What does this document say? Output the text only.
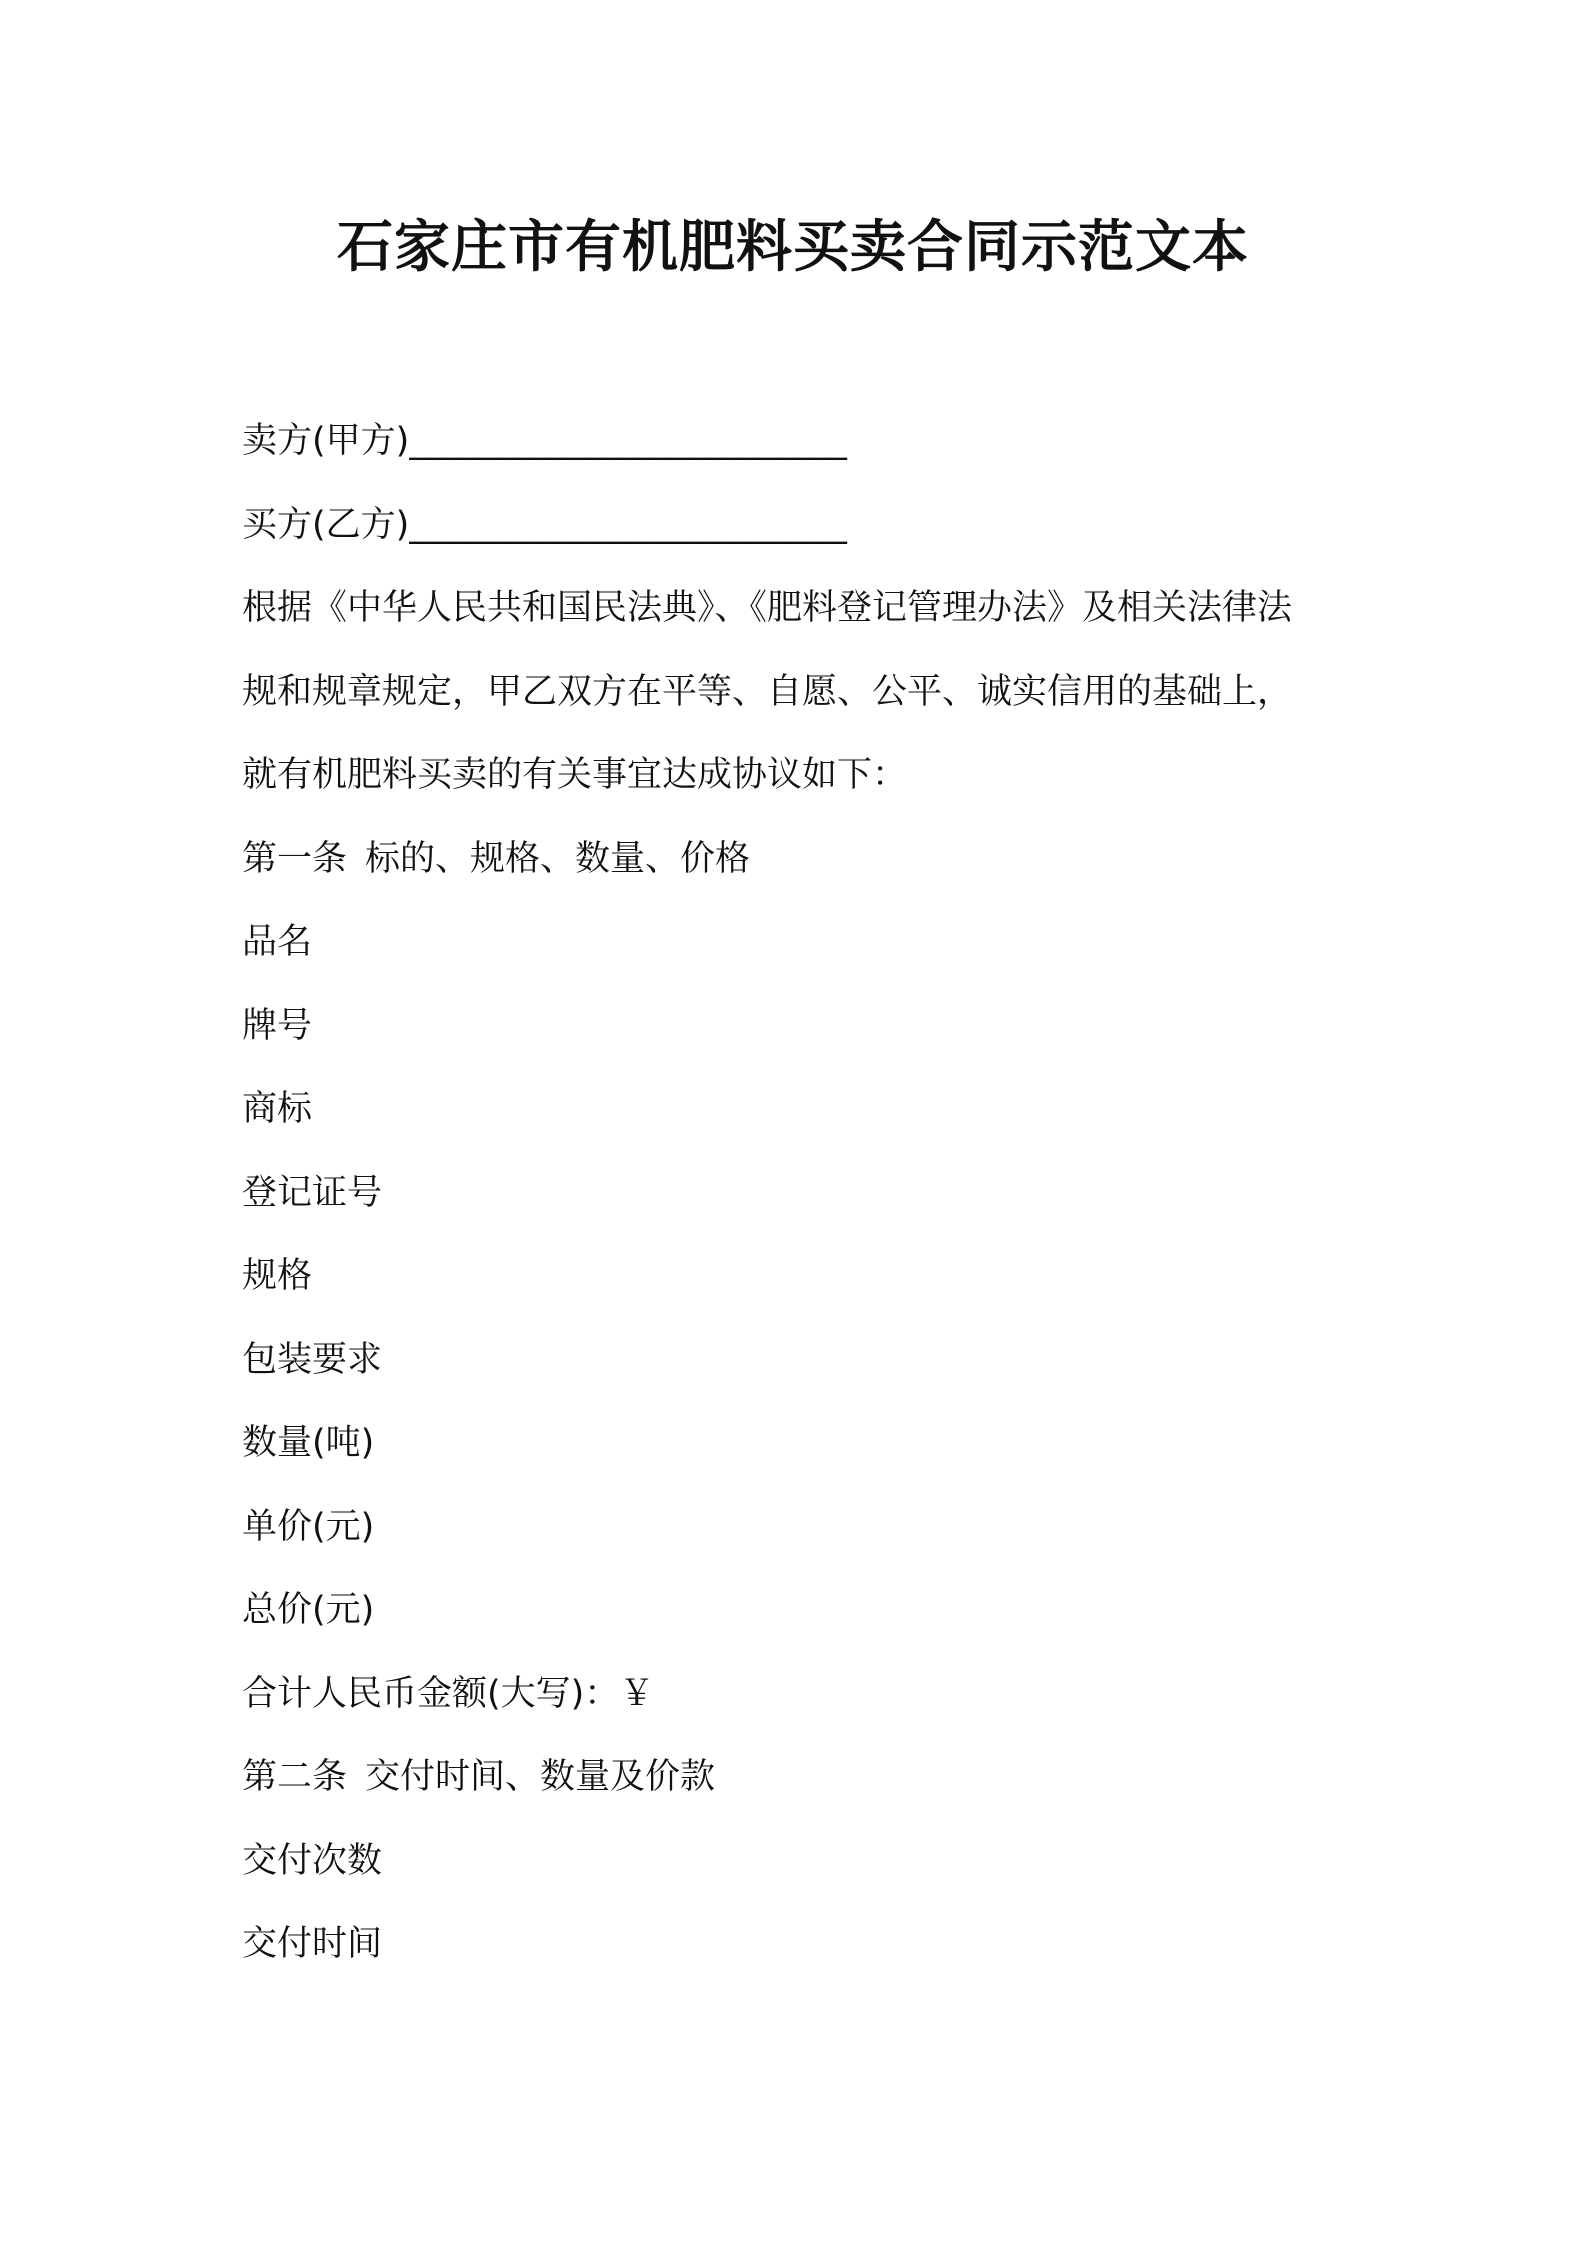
石家庄市有机肥料买卖合同示范文本
卖方(甲方)_________________________
买方(乙方)_________________________
根据《中华人民共和国民法典》、《肥料登记管理办法》及相关法律法
规和规章规定，甲乙双方在平等、自愿、公平、诚实信用的基础上，
就有机肥料买卖的有关事宜达成协议如下：
第一条 标的、规格、数量、价格
品名
牌号
商标
登记证号
规格
包装要求
数量(吨)
单价(元)
总价(元)
合计人民币金额(大写)：￥
第二条 交付时间、数量及价款
交付次数
交付时间
